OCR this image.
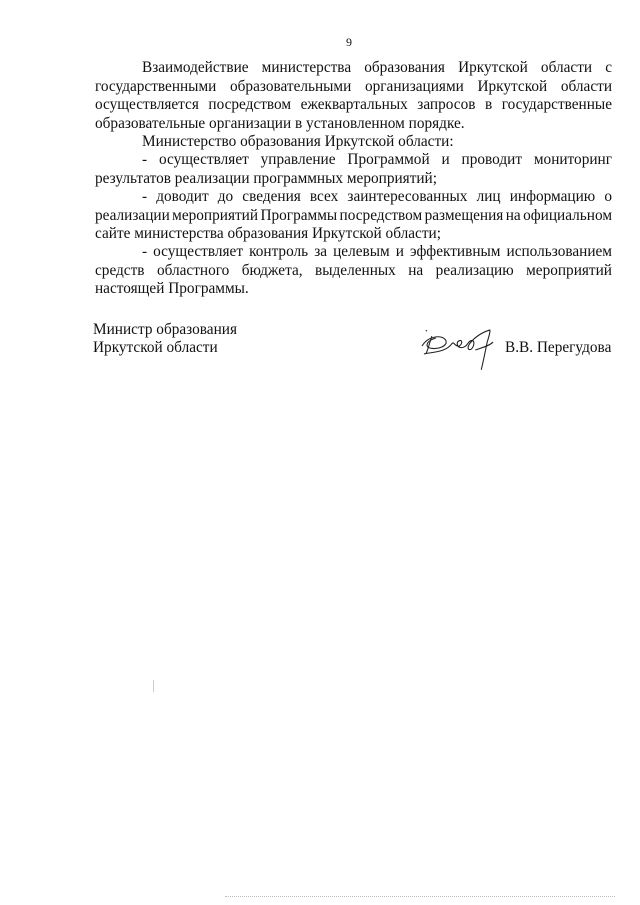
9
Взаимодействие министерства образования Иркутской области с
государственными образовательными организациями Иркутской области
осуществляется посредством ежеквартальных запросов в государственные
образовательные организации в установленном порядке.
Министерство образования Иркутской области:
- осуществляет управление Программой и проводит мониторинг
результатов реализации программных мероприятий;
- доводит до сведения всех заинтересованных лиц информацию о
реализации мероприятий Программы посредством размещения на официальном
сайте министерства образования Иркутской области;
- осуществляет контроль за целевым и эффективным использованием
средств областного бюджета, выделенных на реализацию мероприятий
настоящей Программы.
Министр образования
Иркутской области	В.В. Перегудова
